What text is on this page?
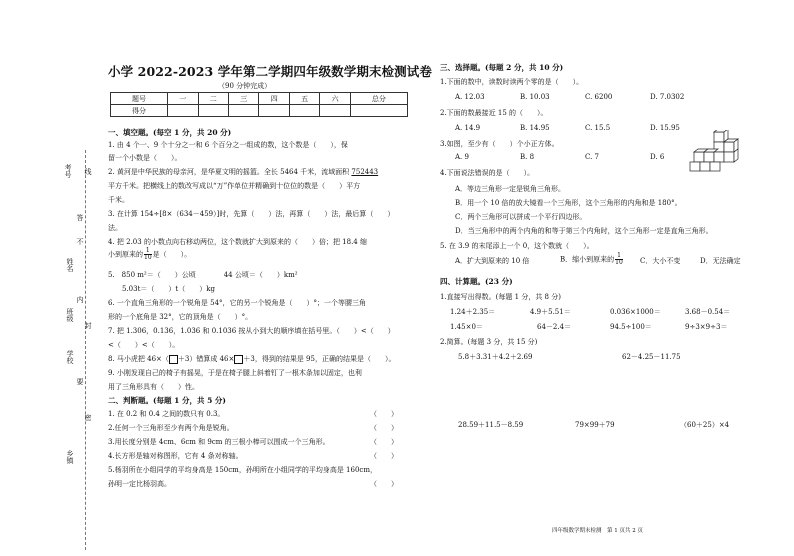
考号 线
答
姓名
不
内
班级
封
学校
要
密
乡镇
小学 2022-2023 学年第二学期四年级数学期末检测试卷
（90 分钟完成）
题号	一	二	三	四	五	六	总分
得分							
一、填空题。(每空 1 分，共 20 分)
1. 由 4 个一、9 个十分之一和 6 个百分之一组成的数，这个数是（　　），保
留一个小数是（　　）。
2. 黄河是中华民族的母亲河，是华夏文明的摇篮。全长 5464 千米，流域面积 752443
平方千米。把横线上的数改写成以“万”作单位并精确到十位位的数是（　　）平方
千米。
3. 在计算 154÷[8×（634－459）]时，先算（　　）法，再算（　　）法，最后算（　　）
法。
4. 把 2.03 的小数点向右移动两位，这个数就扩大到原来的（　　）倍；把 18.4 缩
小到原来的 $\frac{1}{10}$ 是（　　）。
5.　850 m²＝（　　）公顷　　　　44 公顷＝（　　）km²
　　5.03t＝（　　）t（　　）kg
6. 一个直角三角形的一个锐角是 54°，它的另一个锐角是（　　）°；一个等腰三角
形的一个底角是 32°，它的顶角是（　　）°。
7. 把 1.306，0.136，1.036 和 0.1036 按从小到大的顺序填在括号里。（　　）<（　　）
<（　　）<（　　）。
8. 马小虎把 46×（ ＋3）错算成 46× ＋3，得到的结果是 95，正确的结果是（　　）。
9. 小刚发现自己的椅子有摇晃，于是在椅子腿上斜着钉了一根木条加以固定，也利
用了三角形具有（　　）性。
二、判断题。(每题 1 分，共 5 分)
1. 在 0.2 和 0.4 之间的数只有 0.3。	（　　）
2.任何一个三角形至少有两个角是锐角。	（　　）
3.用长度分别是 4cm、6cm 和 9cm 的三根小棒可以围成一个三角形。	（　　）
4.长方形是轴对称图形，它有 4 条对称轴。	（　　）
5.杨羽所在小组同学的平均身高是 150cm，孙明所在小组同学的平均身高是 160cm，
孙明一定比杨羽高。	（　　）
三、选择题。(每题 2 分，共 10 分)
1.下面的数中，读数时读两个零的是（　　）。
A. 12.03	B. 10.03	C. 6200	D. 7.0302
2.下面的数最接近 15 的（　　）。
A. 14.9	B. 14.95	C. 15.5	D. 15.95
3.如图，至少有（　　）个小正方体。
A. 9	B. 8	C. 7	D. 6
4.下面说法错误的是（　　）。
A．等边三角形一定是锐角三角形。
B．用一个 10 倍的放大镜看一个三角形，这个三角形的内角和是 180°。
C．两个三角形可以拼成一个平行四边形。
D．当三角形中的两个内角的和等于第三个内角时，这个三角形一定是直角三角形。
5. 在 3.9 的末尾添上一个 0，这个数就（　　）。
A．扩大到原来的 10 倍	B．缩小到原来的 $\frac{1}{10}$ C．大小不变	D．无法确定
四、计算题。(23 分)
1.直接写出得数。(每题 1 分，共 8 分)
1.24＋2.35＝	4.9＋5.51＝	0.036×1000＝	3.68－0.54＝
1.45×0＝	64－2.4＝	94.5÷100＝	9÷3×9÷3＝
2.简算。(每题 3 分，共 15 分)
5.8＋3.31＋4.2＋2.69	62－4.25－11.75
28.59＋11.5－8.59	79×99＋79	（60＋25）×4
四年级数学期末检测　第 1 页共 2 页
